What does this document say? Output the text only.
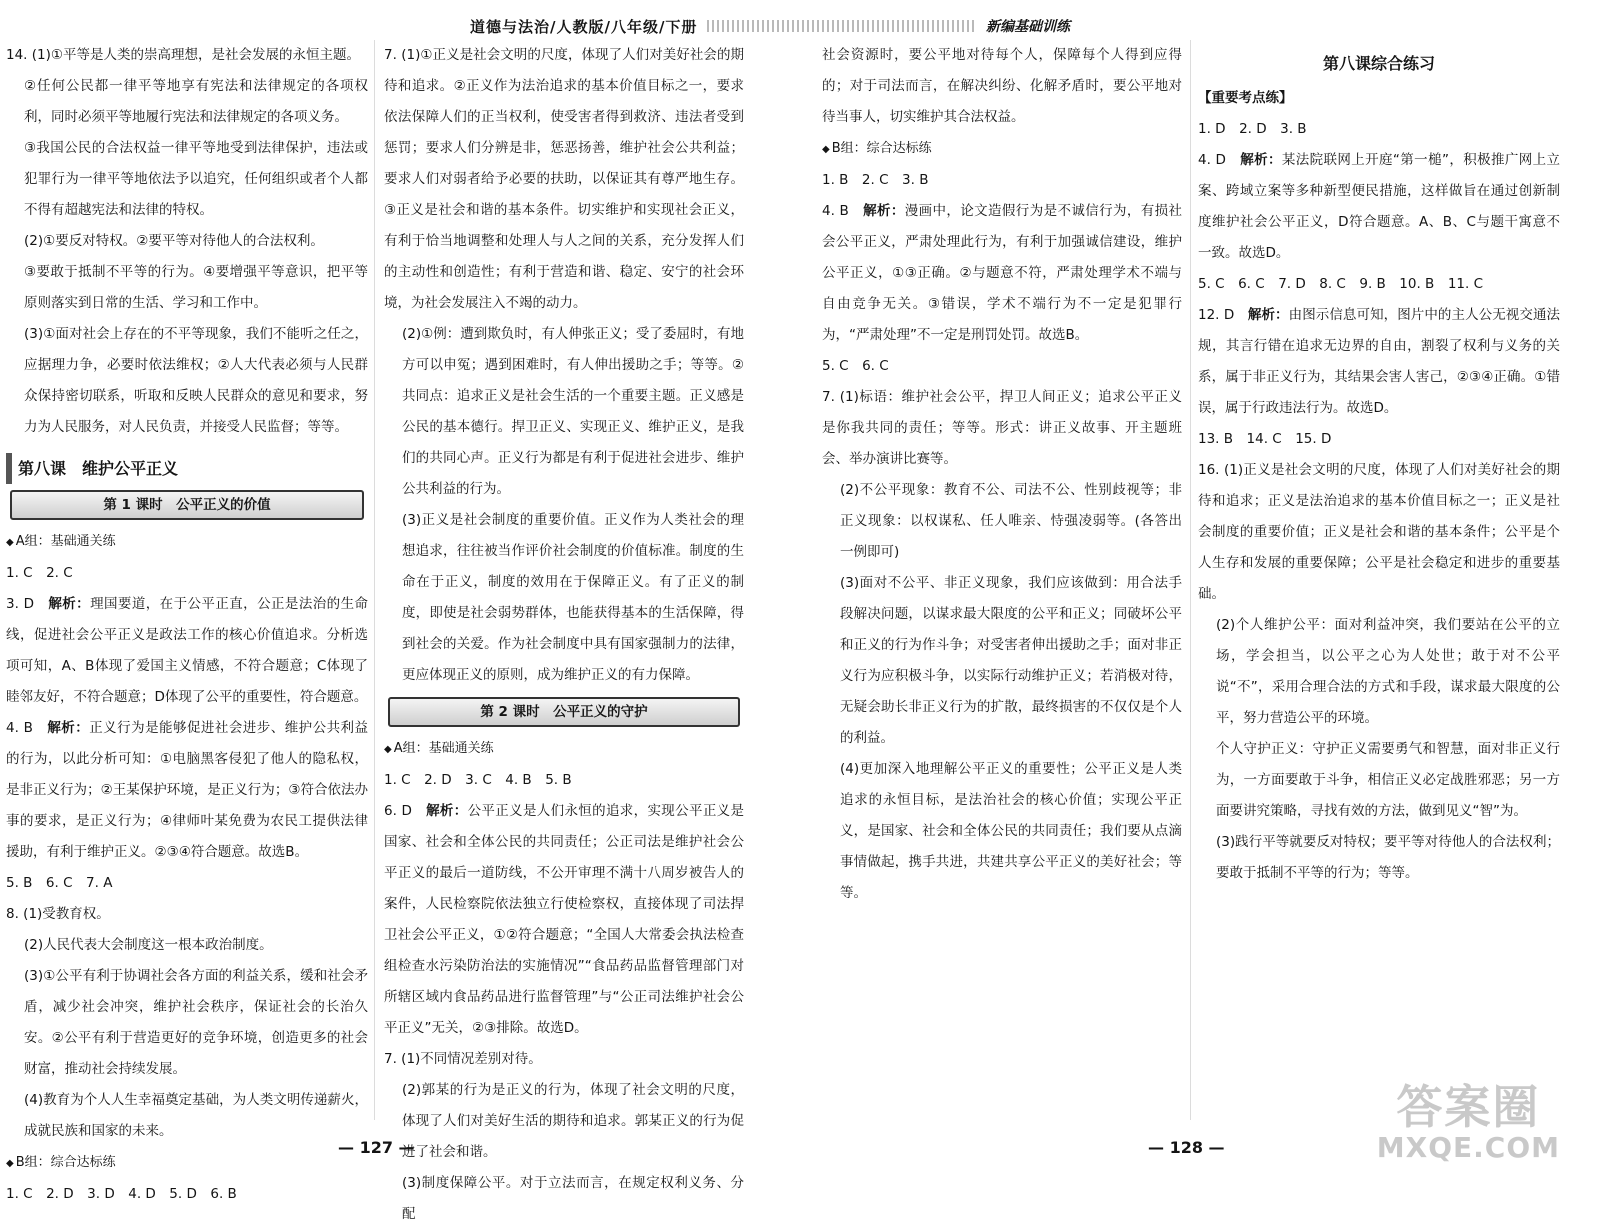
道德与法治/人教版/八年级/下册	新编基础训练

14. (1)①平等是人类的崇高理想，是社会发展的永恒主题。

②任何公民都一律平等地享有宪法和法律规定的各项权利，同时必须平等地履行宪法和法律规定的各项义务。

③我国公民的合法权益一律平等地受到法律保护，违法或犯罪行为一律平等地依法予以追究，任何组织或者个人都不得有超越宪法和法律的特权。

(2)①要反对特权。②要平等对待他人的合法权利。

③要敢于抵制不平等的行为。④要增强平等意识，把平等原则落实到日常的生活、学习和工作中。

(3)①面对社会上存在的不平等现象，我们不能听之任之，应据理力争，必要时依法维权；②人大代表必须与人民群众保持密切联系，听取和反映人民群众的意见和要求，努力为人民服务，对人民负责，并接受人民监督；等等。

第八课　维护公平正义
第 1 课时　公平正义的价值

◆ A组：基础通关练

1. C　2. C

3. D　解析：理国要道，在于公平正直，公正是法治的生命线，促进社会公平正义是政法工作的核心价值追求。分析选项可知，A、B体现了爱国主义情感，不符合题意；C体现了睦邻友好，不符合题意；D体现了公平的重要性，符合题意。

4. B　解析：正义行为是能够促进社会进步、维护公共利益的行为，以此分析可知：①电脑黑客侵犯了他人的隐私权，是非正义行为；②王某保护环境，是正义行为；③符合依法办事的要求，是正义行为；④律师叶某免费为农民工提供法律援助，有利于维护正义。②③④符合题意。故选B。

5. B　6. C　7. A

8. (1)受教育权。

(2)人民代表大会制度这一根本政治制度。

(3)①公平有利于协调社会各方面的利益关系，缓和社会矛盾，减少社会冲突，维护社会秩序，保证社会的长治久安。②公平有利于营造更好的竞争环境，创造更多的社会财富，推动社会持续发展。

(4)教育为个人人生幸福奠定基础，为人类文明传递薪火，成就民族和国家的未来。

◆ B组：综合达标练

1. C　2. D　3. D　4. D　5. D　6. B

7. (1)①正义是社会文明的尺度，体现了人们对美好社会的期待和追求。②正义作为法治追求的基本价值目标之一，要求依法保障人们的正当权利，使受害者得到救济、违法者受到惩罚；要求人们分辨是非，惩恶扬善，维护社会公共利益；要求人们对弱者给予必要的扶助，以保证其有尊严地生存。③正义是社会和谐的基本条件。切实维护和实现社会正义，有利于恰当地调整和处理人与人之间的关系，充分发挥人们的主动性和创造性；有利于营造和谐、稳定、安宁的社会环境，为社会发展注入不竭的动力。

(2)①例：遭到欺负时，有人伸张正义；受了委屈时，有地方可以申冤；遇到困难时，有人伸出援助之手；等等。②共同点：追求正义是社会生活的一个重要主题。正义感是公民的基本德行。捍卫正义、实现正义、维护正义，是我们的共同心声。正义行为都是有利于促进社会进步、维护公共利益的行为。

(3)正义是社会制度的重要价值。正义作为人类社会的理想追求，往往被当作评价社会制度的价值标准。制度的生命在于正义，制度的效用在于保障正义。有了正义的制度，即使是社会弱势群体，也能获得基本的生活保障，得到社会的关爱。作为社会制度中具有国家强制力的法律，更应体现正义的原则，成为维护正义的有力保障。

第 2 课时　公平正义的守护

◆ A组：基础通关练

1. C　2. D　3. C　4. B　5. B

6. D　解析：公平正义是人们永恒的追求，实现公平正义是国家、社会和全体公民的共同责任；公正司法是维护社会公平正义的最后一道防线，不公开审理不满十八周岁被告人的案件，人民检察院依法独立行使检察权，直接体现了司法捍卫社会公平正义，①②符合题意；“全国人大常委会执法检查组检查水污染防治法的实施情况”“食品药品监督管理部门对所辖区域内食品药品进行监督管理”与“公正司法维护社会公平正义”无关，②③排除。故选D。

7. (1)不同情况差别对待。

(2)郭某的行为是正义的行为，体现了社会文明的尺度，体现了人们对美好生活的期待和追求。郭某正义的行为促进了社会和谐。

(3)制度保障公平。对于立法而言，在规定权利义务、分配

社会资源时，要公平地对待每个人，保障每个人得到应得的；对于司法而言，在解决纠纷、化解矛盾时，要公平地对待当事人，切实维护其合法权益。

◆ B组：综合达标练

1. B　2. C　3. B

4. B　解析：漫画中，论文造假行为是不诚信行为，有损社会公平正义，严肃处理此行为，有利于加强诚信建设，维护公平正义，①③正确。②与题意不符，严肃处理学术不端与自由竞争无关。③错误，学术不端行为不一定是犯罪行为，“严肃处理”不一定是刑罚处罚。故选B。

5. C　6. C

7. (1)标语：维护社会公平，捍卫人间正义；追求公平正义是你我共同的责任；等等。形式：讲正义故事、开主题班会、举办演讲比赛等。

(2)不公平现象：教育不公、司法不公、性别歧视等；非正义现象：以权谋私、任人唯亲、恃强凌弱等。(各答出一例即可)

(3)面对不公平、非正义现象，我们应该做到：用合法手段解决问题，以谋求最大限度的公平和正义；同破坏公平和正义的行为作斗争；对受害者伸出援助之手；面对非正义行为应积极斗争，以实际行动维护正义；若消极对待，无疑会助长非正义行为的扩散，最终损害的不仅仅是个人的利益。

(4)更加深入地理解公平正义的重要性；公平正义是人类追求的永恒目标，是法治社会的核心价值；实现公平正义，是国家、社会和全体公民的共同责任；我们要从点滴事情做起，携手共进，共建共享公平正义的美好社会；等等。

第八课综合练习

【重要考点练】

1. D　2. D　3. B

4. D　解析：某法院联网上开庭“第一槌”，积极推广网上立案、跨域立案等多种新型便民措施，这样做旨在通过创新制度维护社会公平正义，D符合题意。A、B、C与题干寓意不一致。故选D。

5. C　6. C　7. D　8. C　9. B　10. B　11. C

12. D　解析：由图示信息可知，图片中的主人公无视交通法规，其言行错在追求无边界的自由，割裂了权利与义务的关系，属于非正义行为，其结果会害人害己，②③④正确。①错误，属于行政违法行为。故选D。

13. B　14. C　15. D

16. (1)正义是社会文明的尺度，体现了人们对美好社会的期待和追求；正义是法治追求的基本价值目标之一；正义是社会制度的重要价值；正义是社会和谐的基本条件；公平是个人生存和发展的重要保障；公平是社会稳定和进步的重要基础。

(2)个人维护公平：面对利益冲突，我们要站在公平的立场，学会担当，以公平之心为人处世；敢于对不公平说“不”，采用合理合法的方式和手段，谋求最大限度的公平，努力营造公平的环境。

个人守护正义：守护正义需要勇气和智慧，面对非正义行为，一方面要敢于斗争，相信正义必定战胜邪恶；另一方面要讲究策略，寻找有效的方法，做到见义“智”为。

(3)践行平等就要反对特权；要平等对待他人的合法权利；要敢于抵制不平等的行为；等等。

— 127 —	— 128 —
答案圈
MXQE.COM
